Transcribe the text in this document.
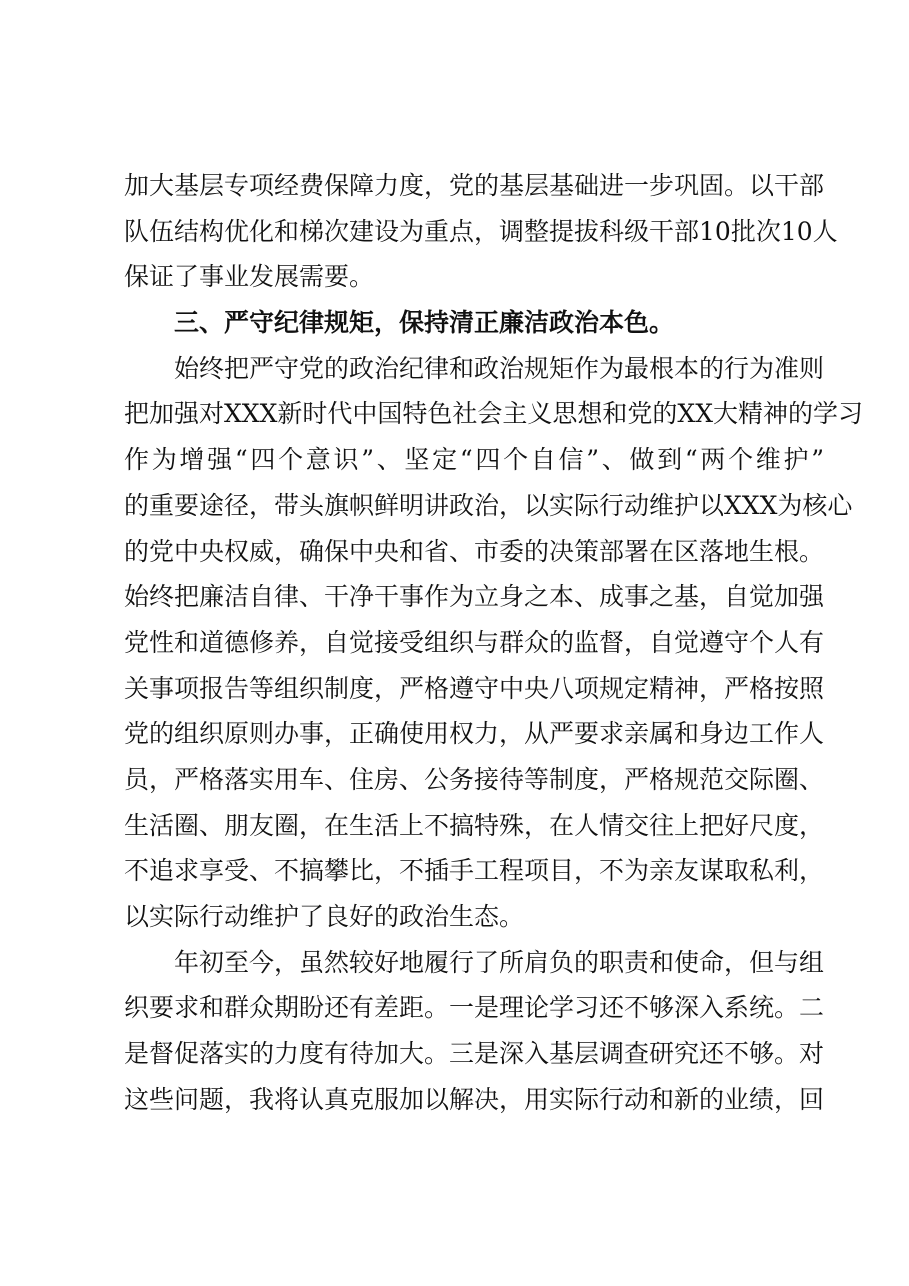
加大基层专项经费保障力度，党的基层基础进一步巩固。以干部
队伍结构优化和梯次建设为重点，调整提拔科级干部10批次10人
保证了事业发展需要。
三、严守纪律规矩，保持清正廉洁政治本色。
始终把严守党的政治纪律和政治规矩作为最根本的行为准则
把加强对XXX新时代中国特色社会主义思想和党的XX大精神的学习
作为增强“四个意识”、坚定“四个自信”、做到“两个维护”
的重要途径，带头旗帜鲜明讲政治，以实际行动维护以XXX为核心
的党中央权威，确保中央和省、市委的决策部署在区落地生根。
始终把廉洁自律、干净干事作为立身之本、成事之基，自觉加强
党性和道德修养，自觉接受组织与群众的监督，自觉遵守个人有
关事项报告等组织制度，严格遵守中央八项规定精神，严格按照
党的组织原则办事，正确使用权力，从严要求亲属和身边工作人
员，严格落实用车、住房、公务接待等制度，严格规范交际圈、
生活圈、朋友圈，在生活上不搞特殊，在人情交往上把好尺度，
不追求享受、不搞攀比，不插手工程项目，不为亲友谋取私利，
以实际行动维护了良好的政治生态。
年初至今，虽然较好地履行了所肩负的职责和使命，但与组
织要求和群众期盼还有差距。一是理论学习还不够深入系统。二
是督促落实的力度有待加大。三是深入基层调查研究还不够。对
这些问题，我将认真克服加以解决，用实际行动和新的业绩，回
